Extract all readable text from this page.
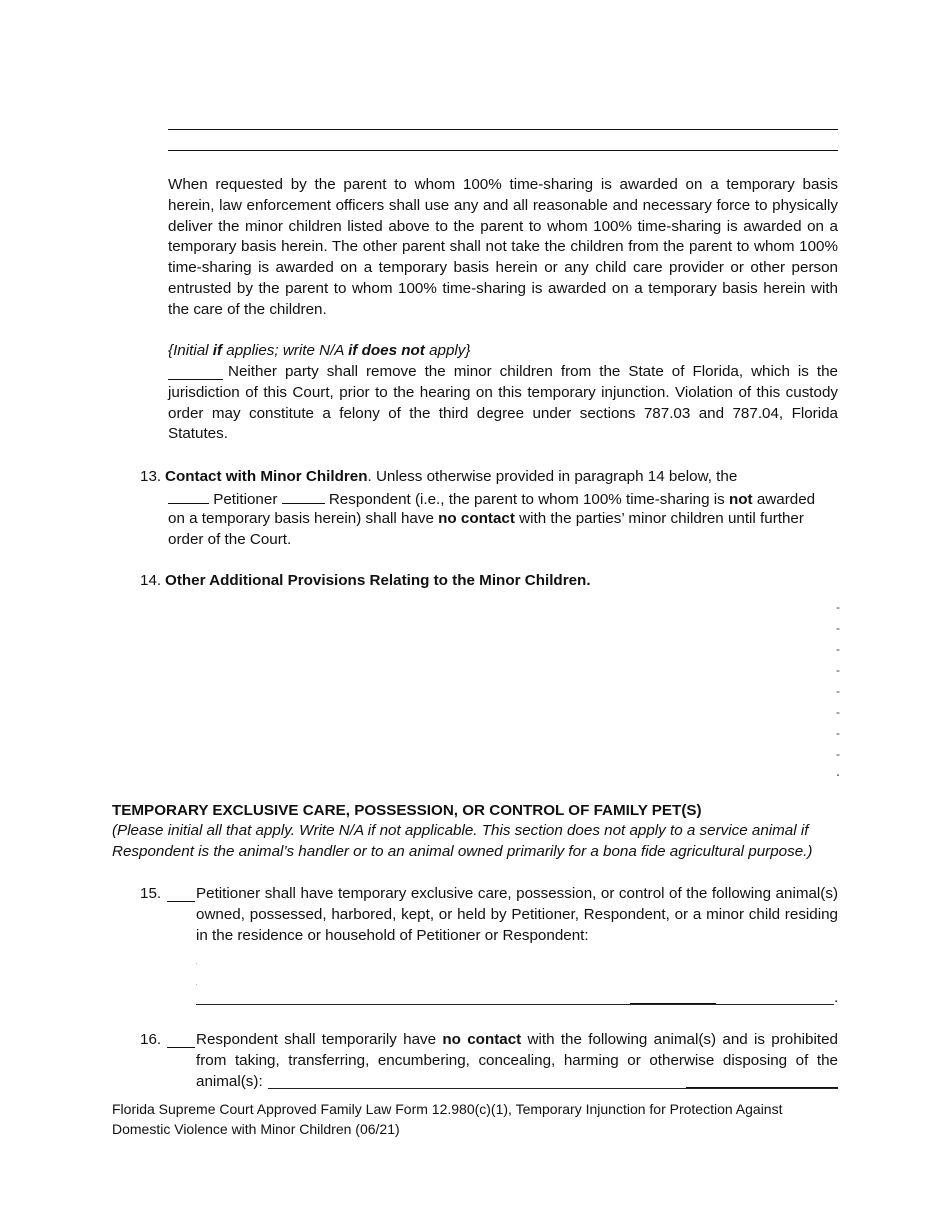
When requested by the parent to whom 100% time-sharing is awarded on a temporary basis herein, law enforcement officers shall use any and all reasonable and necessary force to physically deliver the minor children listed above to the parent to whom 100% time-sharing is awarded on a temporary basis herein. The other parent shall not take the children from the parent to whom 100% time-sharing is awarded on a temporary basis herein or any child care provider or other person entrusted by the parent to whom 100% time-sharing is awarded on a temporary basis herein with the care of the children.

{Initial if applies; write N/A if does not apply}

Neither party shall remove the minor children from the State of Florida, which is the jurisdiction of this Court, prior to the hearing on this temporary injunction. Violation of this custody order may constitute a felony of the third degree under sections 787.03 and 787.04, Florida Statutes.

13. Contact with Minor Children. Unless otherwise provided in paragraph 14 below, the
Petitioner	Respondent (i.e., the parent to whom 100% time-sharing is not awarded
on a temporary basis herein) shall have no contact with the parties’ minor children until further
order of the Court.
14. Other Additional Provisions Relating to the Minor Children.
-
-
-
-
-
-
-
-
.
TEMPORARY EXCLUSIVE CARE, POSSESSION, OR CONTROL OF FAMILY PET(S)

(Please initial all that apply. Write N/A if not applicable. This section does not apply to a service animal if Respondent is the animal’s handler or to an animal owned primarily for a bona fide agricultural purpose.)

15. Petitioner shall have temporary exclusive care, possession, or control of the following animal(s) owned, possessed, harbored, kept, or held by Petitioner, Respondent, or a minor child residing in the residence or household of Petitioner or Respondent:

.
16. Respondent shall temporarily have no contact with the following animal(s) and is prohibited from taking, transferring, encumbering, concealing, harming or otherwise disposing of the animal(s):

Florida Supreme Court Approved Family Law Form 12.980(c)(1), Temporary Injunction for Protection Against
Domestic Violence with Minor Children (06/21)
